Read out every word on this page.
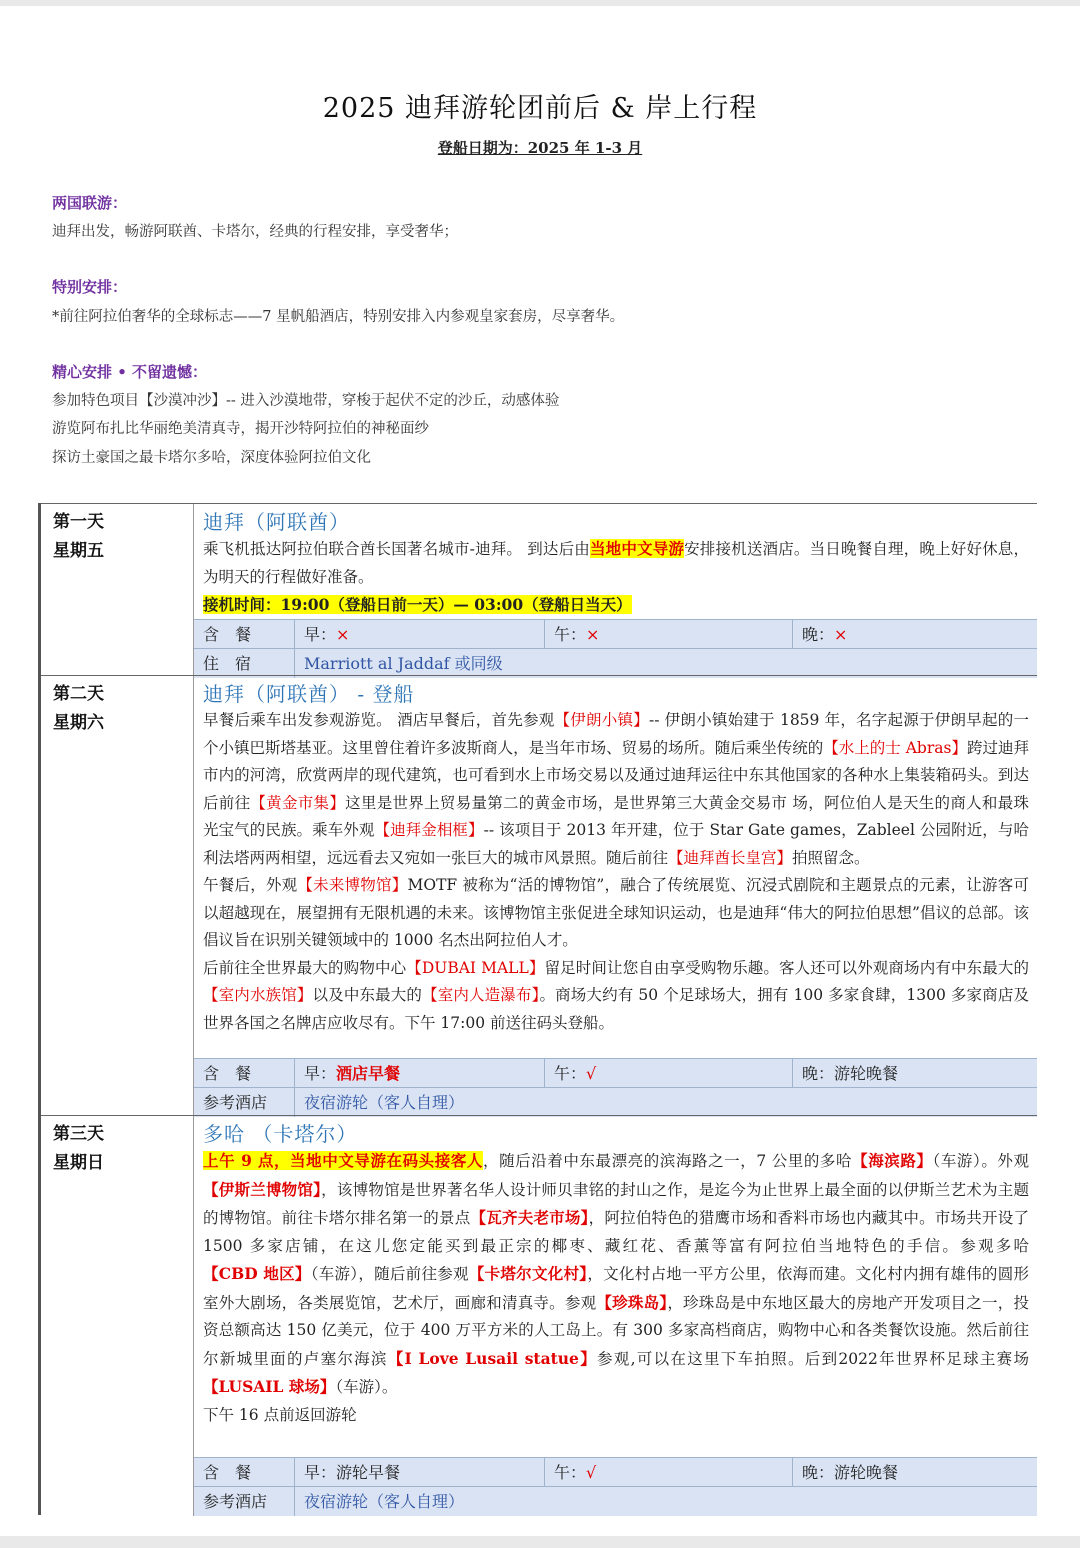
2025 迪拜游轮团前后 & 岸上行程
登船日期为：2025 年 1-3 月
两国联游：
迪拜出发，畅游阿联酋、卡塔尔，经典的行程安排，享受奢华；
特别安排：
*前往阿拉伯奢华的全球标志——7 星帆船酒店，特别安排入内参观皇家套房，尽享奢华。
精心安排 • 不留遗憾：
参加特色项目【沙漠冲沙】-- 进入沙漠地带，穿梭于起伏不定的沙丘，动感体验
游览阿布扎比华丽绝美清真寺，揭开沙特阿拉伯的神秘面纱
探访土豪国之最卡塔尔多哈，深度体验阿拉伯文化
第一天
星期五
迪拜（阿联酋）
乘飞机抵达阿拉伯联合酋长国著名城市-迪拜。 到达后由当地中文导游安排接机送酒店。当日晚餐自理，晚上好好休息，为明天的行程做好准备。
接机时间：19:00（登船日前一天）— 03:00（登船日当天）
含　餐	早：×	午：×	晚：×
住　宿	Marriott al Jaddaf 或同级
第二天
星期六
迪拜（阿联酋） - 登船
早餐后乘车出发参观游览。 酒店早餐后，首先参观【伊朗小镇】-- 伊朗小镇始建于 1859 年，名字起源于伊朗早起的一个小镇巴斯塔基亚。这里曾住着许多波斯商人，是当年市场、贸易的场所。随后乘坐传统的【水上的士 Abras】跨过迪拜市内的河湾，欣赏两岸的现代建筑，也可看到水上市场交易以及通过迪拜运往中东其他国家的各种水上集装箱码头。到达后前往【黄金市集】这里是世界上贸易量第二的黄金市场，是世界第三大黄金交易市 场，阿位伯人是天生的商人和最珠光宝气的民族。乘车外观【迪拜金相框】-- 该项目于 2013 年开建，位于 Star Gate games，Zableel 公园附近，与哈利法塔两两相望，远远看去又宛如一张巨大的城市风景照。随后前往【迪拜酋长皇宫】拍照留念。
午餐后，外观【未来博物馆】MOTF 被称为“活的博物馆”，融合了传统展览、沉浸式剧院和主题景点的元素，让游客可以超越现在，展望拥有无限机遇的未来。该博物馆主张促进全球知识运动，也是迪拜“伟大的阿拉伯思想”倡议的总部。该倡议旨在识别关键领域中的 1000 名杰出阿拉伯人才。
后前往全世界最大的购物中心【DUBAI MALL】留足时间让您自由享受购物乐趣。客人还可以外观商场内有中东最大的【室内水族馆】以及中东最大的【室内人造瀑布】。商场大约有 50 个足球场大，拥有 100 多家食肆，1300 多家商店及世界各国之名牌店应收尽有。下午 17:00 前送往码头登船。
含　餐	早：酒店早餐	午：√	晚：游轮晚餐
参考酒店	夜宿游轮（客人自理）
第三天
星期日
多哈 （卡塔尔）
上午 9 点，当地中文导游在码头接客人，随后沿着中东最漂亮的滨海路之一，7 公里的多哈【海滨路】（车游）。外观【伊斯兰博物馆】，该博物馆是世界著名华人设计师贝聿铭的封山之作，是迄今为止世界上最全面的以伊斯兰艺术为主题的博物馆。前往卡塔尔排名第一的景点【瓦齐夫老市场】，阿拉伯特色的猎鹰市场和香料市场也内藏其中。市场共开设了 1500 多家店铺，在这儿您定能买到最正宗的椰枣、藏红花、香薰等富有阿拉伯当地特色的手信。参观多哈【CBD 地区】（车游），随后前往参观【卡塔尔文化村】，文化村占地一平方公里，依海而建。文化村内拥有雄伟的圆形室外大剧场，各类展览馆，艺术厅，画廊和清真寺。参观【珍珠岛】，珍珠岛是中东地区最大的房地产开发项目之一，投资总额高达 150 亿美元，位于 400 万平方米的人工岛上。有 300 多家高档商店，购物中心和各类餐饮设施。然后前往尔新城里面的卢塞尔海滨【I Love Lusail statue】参观,可以在这里下车拍照。后到2022年世界杯足球主赛场【LUSAIL 球场】（车游）。
下午 16 点前返回游轮
含　餐	早：游轮早餐	午：√	晚：游轮晚餐
参考酒店	夜宿游轮（客人自理）
